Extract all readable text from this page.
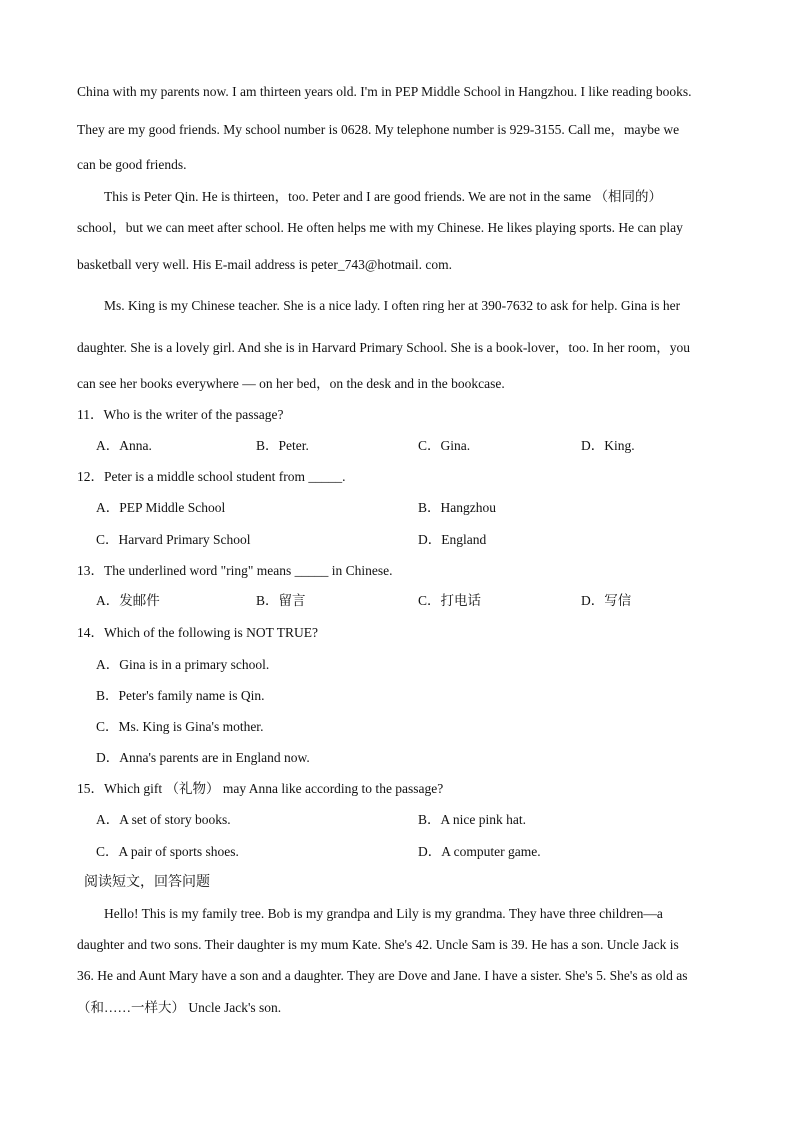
China with my parents now. I am thirteen years old. I'm in PEP Middle School in Hangzhou. I like reading books.
They are my good friends. My school number is 0628. My telephone number is 929-3155. Call me，maybe we
can be good friends.
This is Peter Qin. He is thirteen，too. Peter and I are good friends. We are not in the same （相同的）
school，but we can meet after school. He often helps me with my Chinese. He likes playing sports. He can play
basketball very well. His E-mail address is peter_743@hotmail. com.
Ms. King is my Chinese teacher. She is a nice lady. I often ring her at 390-7632 to ask for help. Gina is her
daughter. She is a lovely girl. And she is in Harvard Primary School. She is a book-lover，too. In her room，you
can see her books everywhere — on her bed，on the desk and in the bookcase.
11．Who is the writer of the passage?
A．Anna.	B．Peter.	C．Gina.	D．King.
12．Peter is a middle school student from _____.
A．PEP Middle School	B．Hangzhou
C．Harvard Primary School	D．England
13．The underlined word "ring" means _____ in Chinese.
A．发邮件	B．留言	C．打电话	D．写信
14．Which of the following is NOT TRUE?
A．Gina is in a primary school.
B．Peter's family name is Qin.
C．Ms. King is Gina's mother.
D．Anna's parents are in England now.
15．Which gift （礼物） may Anna like according to the passage?
A．A set of story books.	B．A nice pink hat.
C．A pair of sports shoes.	D．A computer game.
阅读短文，回答问题
Hello! This is my family tree. Bob is my grandpa and Lily is my grandma. They have three children—a
daughter and two sons. Their daughter is my mum Kate. She's 42. Uncle Sam is 39. He has a son. Uncle Jack is
36. He and Aunt Mary have a son and a daughter. They are Dove and Jane. I have a sister. She's 5. She's as old as
（和……一样大） Uncle Jack's son.
